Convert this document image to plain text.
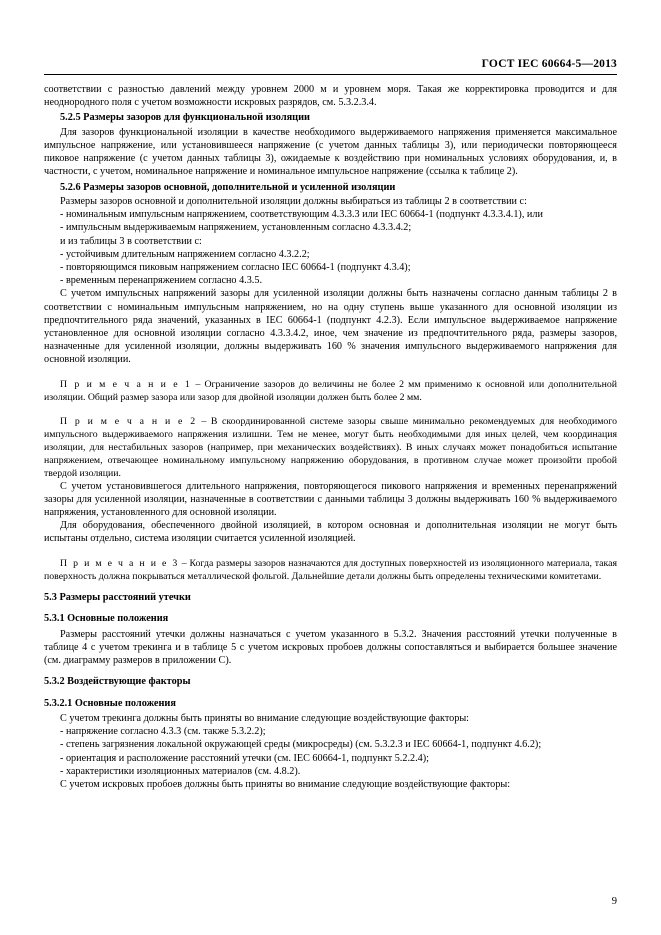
ГОСТ IEC 60664-5—2013

соответствии с разностью давлений между уровнем 2000 м и уровнем моря. Такая же корректировка проводится и для неоднородного поля с учетом возможности искровых разрядов, см. 5.3.2.3.4.

5.2.5 Размеры зазоров для функциональной изоляции

Для зазоров функциональной изоляции в качестве необходимого выдерживаемого напряжения применяется максимальное импульсное напряжение, или установившееся напряжение (с учетом данных таблицы 3), или периодически повторяющееся пиковое напряжение (с учетом данных таблицы 3), ожидаемые к воздействию при номинальных условиях оборудования, и, в частности, с учетом, номинальное напряжение и номинальное импульсное напряжение (ссылка к таблице 2).

5.2.6 Размеры зазоров основной, дополнительной и усиленной изоляции

Размеры зазоров основной и дополнительной изоляции должны выбираться из таблицы 2 в соответствии с:

- номинальным импульсным напряжением, соответствующим 4.3.3.3 или IEC 60664-1 (подпункт 4.3.3.4.1), или

- импульсным выдерживаемым напряжением, установленным согласно 4.3.3.4.2;

и из таблицы 3 в соответствии с:

- устойчивым длительным напряжением согласно 4.3.2.2;

- повторяющимся пиковым напряжением согласно IEC 60664-1 (подпункт 4.3.4);

- временным перенапряжением согласно 4.3.5.

С учетом импульсных напряжений зазоры для усиленной изоляции должны быть назначены согласно данным таблицы 2 в соответствии с номинальным импульсным напряжением, но на одну ступень выше указанного для основной изоляции из предпочтительного ряда значений, указанных в IEC 60664-1 (подпункт 4.2.3). Если импульсное выдерживаемое напряжение установленное для основной изоляции согласно 4.3.3.4.2, иное, чем значение из предпочтительного ряда, размеры зазоров, назначенные для усиленной изоляции, должны выдерживать 160 % значения импульсного выдерживаемого напряжения для основной изоляции.

П р и м е ч а н и е 1 – Ограничение зазоров до величины не более 2 мм применимо к основной или дополнительной изоляции. Общий размер зазора или зазор для двойной изоляции должен быть более 2 мм.

П р и м е ч а н и е 2 – В скоординированной системе зазоры свыше минимально рекомендуемых для необходимого импульсного выдерживаемого напряжения излишни. Тем не менее, могут быть необходимыми для иных целей, чем координация изоляции, для нестабильных зазоров (например, при механических воздействиях). В иных случаях может понадобиться испытание напряжением, отвечающее номинальному импульсному напряжению оборудования, в противном случае может произойти пробой твердой изоляции.

С учетом установившегося длительного напряжения, повторяющегося пикового напряжения и временных перенапряжений зазоры для усиленной изоляции, назначенные в соответствии с данными таблицы 3 должны выдерживать 160 % выдерживаемого напряжения, установленного для основной изоляции.

Для оборудования, обеспеченного двойной изоляцией, в котором основная и дополнительная изоляции не могут быть испытаны отдельно, система изоляции считается усиленной изоляцией.

П р и м е ч а н и е 3 – Когда размеры зазоров назначаются для доступных поверхностей из изоляционного материала, такая поверхность должна покрываться металлической фольгой. Дальнейшие детали должны быть определены техническими комитетами.

5.3 Размеры расстояний утечки
5.3.1 Основные положения

Размеры расстояний утечки должны назначаться с учетом указанного в 5.3.2. Значения расстояний утечки полученные в таблице 4 с учетом трекинга и в таблице 5 с учетом искровых пробоев должны сопоставляться и выбирается большее значение (см. диаграмму размеров в приложении С).

5.3.2 Воздействующие факторы
5.3.2.1 Основные положения

С учетом трекинга должны быть приняты во внимание следующие воздействующие факторы:

- напряжение согласно 4.3.3 (см. также 5.3.2.2);

- степень загрязнения локальной окружающей среды (микросреды) (см. 5.3.2.3 и IEC 60664-1, подпункт 4.6.2);

- ориентация и расположение расстояний утечки (см. IEC 60664-1, подпункт 5.2.2.4);

- характеристики изоляционных материалов (см. 4.8.2).

С учетом искровых пробоев должны быть приняты во внимание следующие воздействующие факторы:

9
